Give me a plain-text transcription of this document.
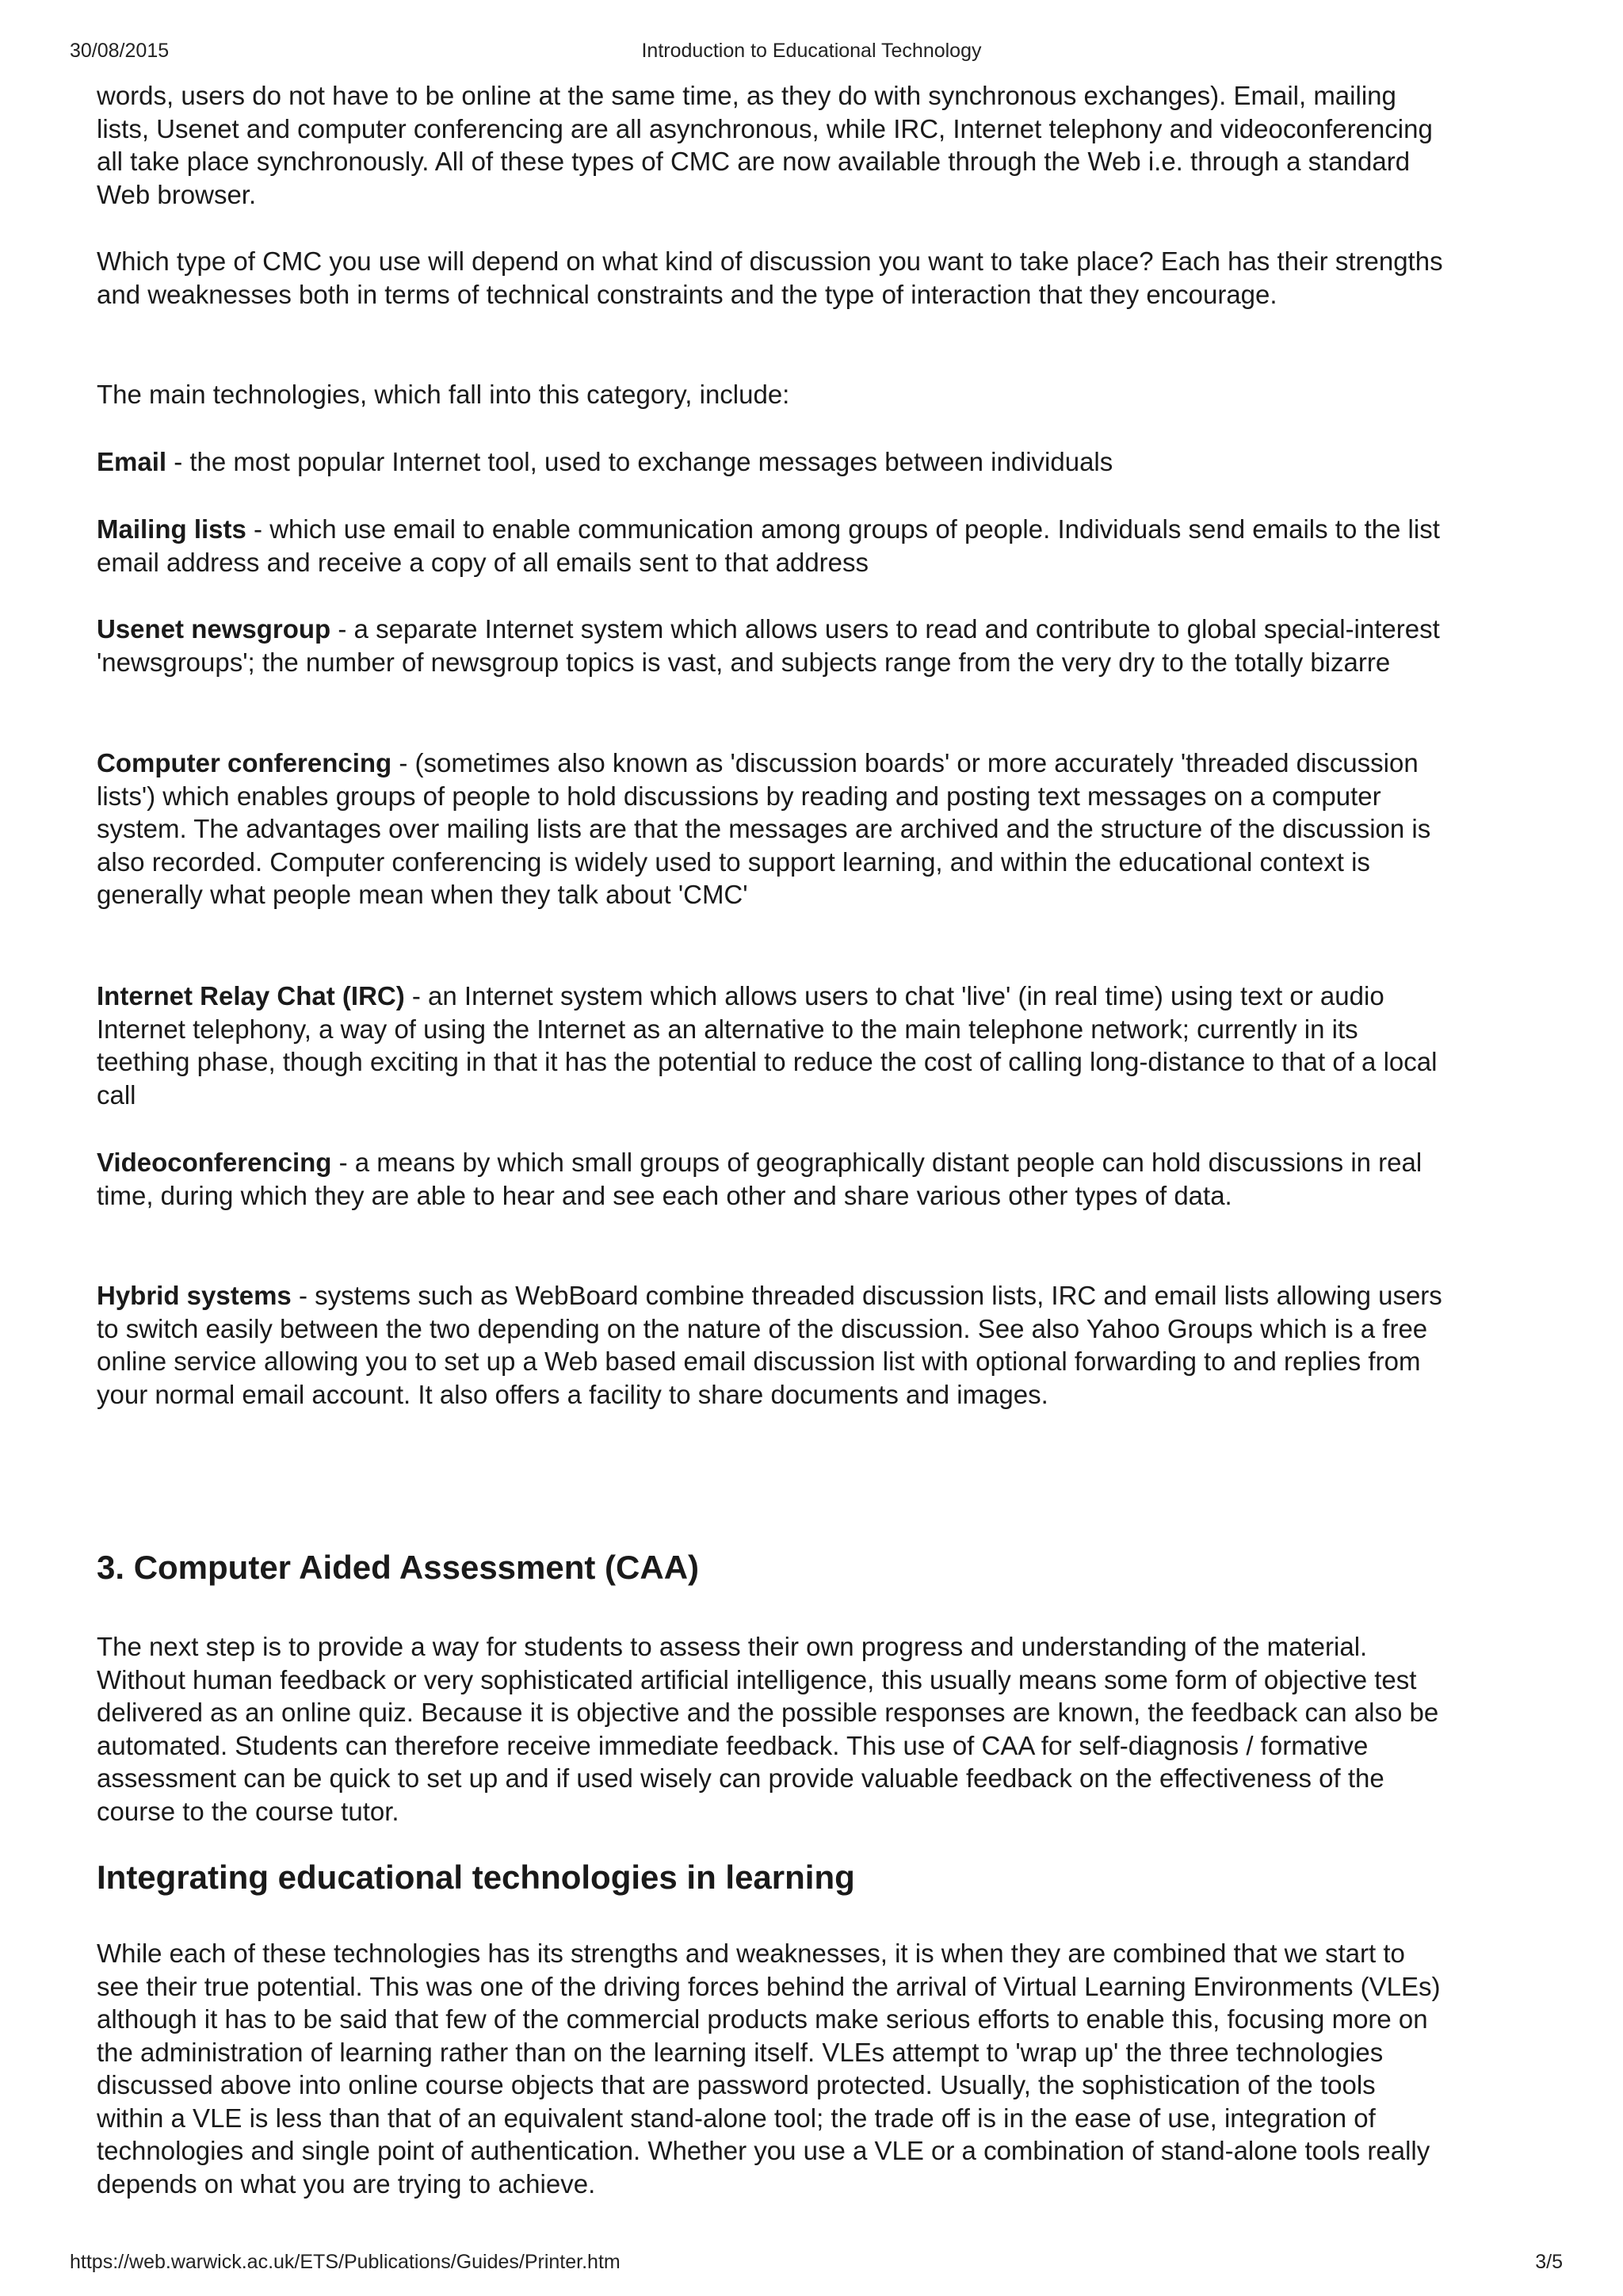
30/08/2015	Introduction to Educational Technology
words, users do not have to be online at the same time, as they do with synchronous exchanges). Email, mailing lists, Usenet and computer conferencing are all asynchronous, while IRC, Internet telephony and videoconferencing all take place synchronously. All of these types of CMC are now available through the Web i.e. through a standard Web browser.
Which type of CMC you use will depend on what kind of discussion you want to take place? Each has their strengths and weaknesses both in terms of technical constraints and the type of interaction that they encourage.
The main technologies, which fall into this category, include:
Email - the most popular Internet tool, used to exchange messages between individuals
Mailing lists - which use email to enable communication among groups of people. Individuals send emails to the list email address and receive a copy of all emails sent to that address
Usenet newsgroup - a separate Internet system which allows users to read and contribute to global special-interest 'newsgroups'; the number of newsgroup topics is vast, and subjects range from the very dry to the totally bizarre
Computer conferencing - (sometimes also known as 'discussion boards' or more accurately 'threaded discussion lists') which enables groups of people to hold discussions by reading and posting text messages on a computer system. The advantages over mailing lists are that the messages are archived and the structure of the discussion is also recorded. Computer conferencing is widely used to support learning, and within the educational context is generally what people mean when they talk about 'CMC'
Internet Relay Chat (IRC) - an Internet system which allows users to chat 'live' (in real time) using text or audio Internet telephony, a way of using the Internet as an alternative to the main telephone network; currently in its teething phase, though exciting in that it has the potential to reduce the cost of calling long-distance to that of a local call
Videoconferencing - a means by which small groups of geographically distant people can hold discussions in real time, during which they are able to hear and see each other and share various other types of data.
Hybrid systems - systems such as WebBoard combine threaded discussion lists, IRC and email lists allowing users to switch easily between the two depending on the nature of the discussion. See also Yahoo Groups which is a free online service allowing you to set up a Web based email discussion list with optional forwarding to and replies from your normal email account. It also offers a facility to share documents and images.
3. Computer Aided Assessment (CAA)
The next step is to provide a way for students to assess their own progress and understanding of the material. Without human feedback or very sophisticated artificial intelligence, this usually means some form of objective test delivered as an online quiz. Because it is objective and the possible responses are known, the feedback can also be automated. Students can therefore receive immediate feedback. This use of CAA for self-diagnosis / formative assessment can be quick to set up and if used wisely can provide valuable feedback on the effectiveness of the course to the course tutor.
Integrating educational technologies in learning
While each of these technologies has its strengths and weaknesses, it is when they are combined that we start to see their true potential. This was one of the driving forces behind the arrival of Virtual Learning Environments (VLEs) although it has to be said that few of the commercial products make serious efforts to enable this, focusing more on the administration of learning rather than on the learning itself. VLEs attempt to 'wrap up' the three technologies discussed above into online course objects that are password protected. Usually, the sophistication of the tools within a VLE is less than that of an equivalent stand-alone tool; the trade off is in the ease of use, integration of technologies and single point of authentication. Whether you use a VLE or a combination of stand-alone tools really depends on what you are trying to achieve.
https://web.warwick.ac.uk/ETS/Publications/Guides/Printer.htm	3/5
